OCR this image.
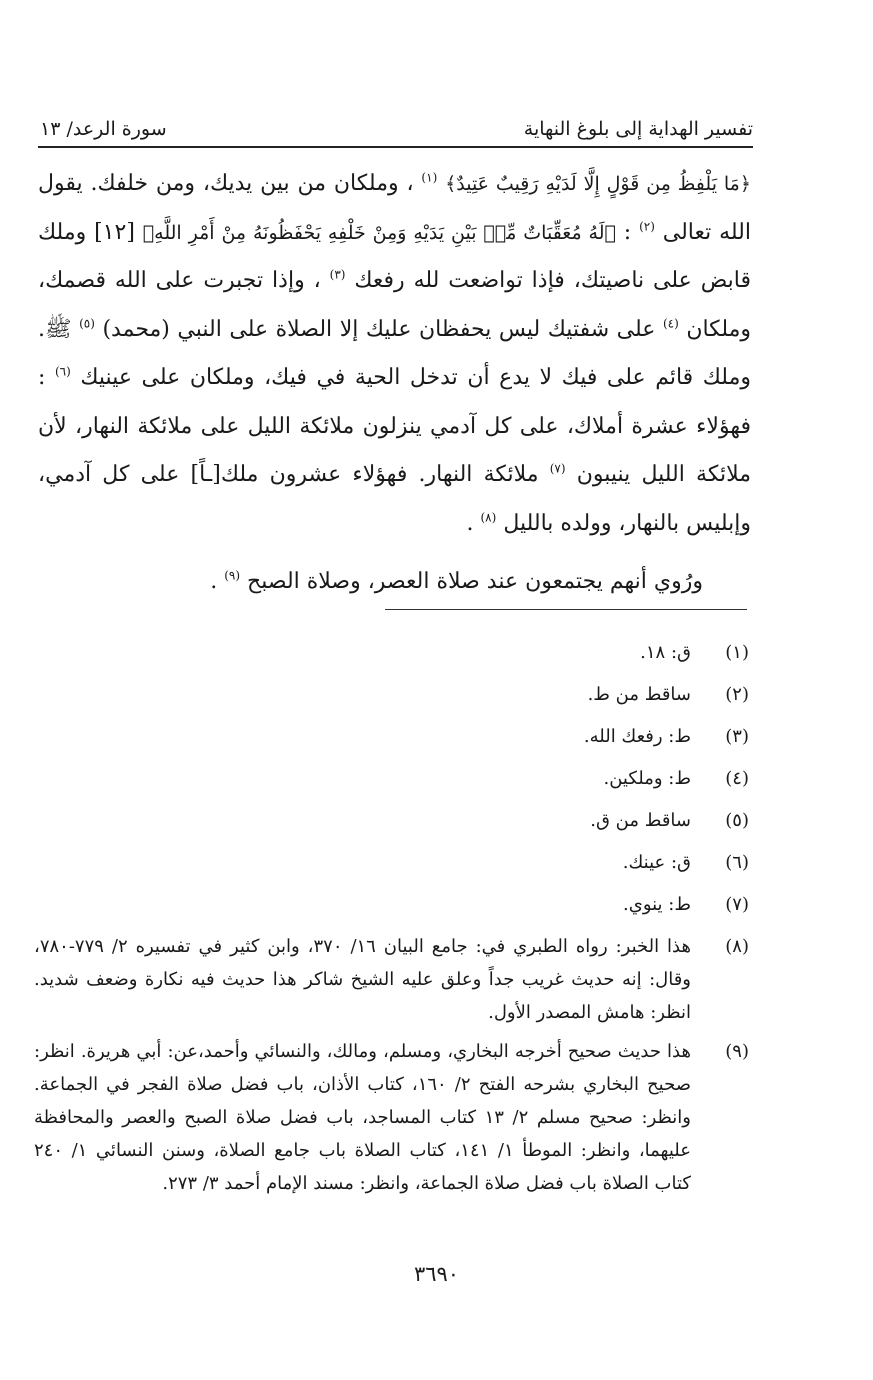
تفسير الهداية إلى بلوغ النهاية
سورة الرعد/ ١٣

﴿مَا يَلْفِظُ مِن قَوْلٍ إِلَّا لَدَيْهِ رَقِيبٌ عَتِيدٌ﴾ $^{(١)}$ ، وملكان من بين يديك، ومن خلفك. يقول الله تعالى $^{(٢)}$ : ﴿لَهُ مُعَقِّبَاتٌ مِّنۢ بَيْنِ يَدَيْهِ وَمِنْ خَلْفِهِ يَحْفَظُونَهُ مِنْ أَمْرِ اللَّهِ﴾ [١٢] وملك قابض على ناصيتك، فإذا تواضعت لله رفعك $^{(٣)}$ ، وإذا تجبرت على الله قصمك، وملكان $^{(٤)}$ على شفتيك ليس يحفظان عليك إلا الصلاة على النبي (محمد) $^{(٥)}$ ﷺ. وملك قائم على فيك لا يدع أن تدخل الحية في فيك، وملكان على عينيك $^{(٦)}$ : فهؤلاء عشرة أملاك، على كل آدمي ينزلون ملائكة الليل على ملائكة النهار، لأن ملائكة الليل ينيبون $^{(٧)}$ ملائكة النهار. فهؤلاء عشرون ملك[ـاً] على كل آدمي، وإبليس بالنهار، وولده بالليل $^{(٨)}$ .

ورُوي أنهم يجتمعون عند صلاة العصر، وصلاة الصبح $^{(٩)}$ .

(١)
ق: ١٨.
(٢)
ساقط من ط.
(٣)
ط: رفعك الله.
(٤)
ط: وملكين.
(٥)
ساقط من ق.
(٦)
ق: عينك.
(٧)
ط: ينوي.
(٨)
هذا الخبر: رواه الطبري في: جامع البيان ١٦/ ٣٧٠، وابن كثير في تفسيره ٢/ ٧٧٩-٧٨٠، وقال: إنه حديث غريب جداً وعلق عليه الشيخ شاكر هذا حديث فيه نكارة وضعف شديد. انظر: هامش المصدر الأول.
(٩)
هذا حديث صحيح أخرجه البخاري، ومسلم، ومالك، والنسائي وأحمد،عن: أبي هريرة. انظر: صحيح البخاري بشرحه الفتح ٢/ ١٦٠، كتاب الأذان، باب فضل صلاة الفجر في الجماعة. وانظر: صحيح مسلم ٢/ ١٣ كتاب المساجد، باب فضل صلاة الصبح والعصر والمحافظة عليهما، وانظر: الموطأ ١/ ١٤١، كتاب الصلاة باب جامع الصلاة، وسنن النسائي ١/ ٢٤٠ كتاب الصلاة باب فضل صلاة الجماعة، وانظر: مسند الإمام أحمد ٣/ ٢٧٣.
٣٦٩٠
